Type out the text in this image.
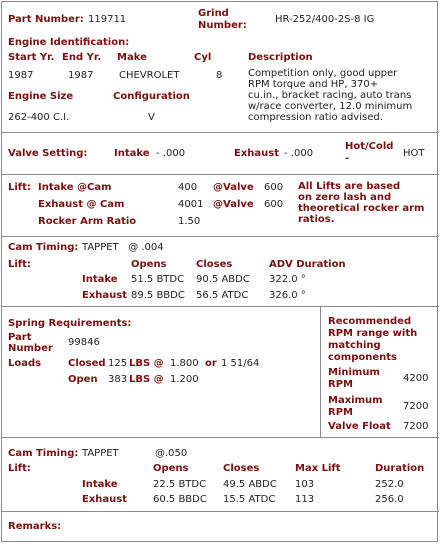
Part Number: 119711
Grind
Number:
HR-252/400-2S-8 IG
Engine Identification:
Start Yr. End Yr. Make	Cyl	Description
1987	1987	CHEVROLET	8	Competition only, good upper
RPM torque and HP, 370+
cu.in., bracket racing, auto trans
w/race converter, 12.0 minimum
compression ratio advised.
Engine Size	Configuration
262-400 C.I.	V
Valve Setting:	Intake - .000	Exhaust - .000
Hot/Cold
-	HOT
Lift: Intake @Cam	400 @Valve 600
Exhaust @ Cam	4001 @Valve 600
Rocker Arm Ratio	1.50
All Lifts are based
on zero lash and
theoretical rocker arm
ratios.
Cam Timing: TAPPET   @ .004
Lift:	Opens	Closes	ADV Duration
Intake 51.5 BTDC 90.5 ABDC 322.0 °
Exhaust 89.5 BBDC 56.5 ATDC 326.0 °
Spring Requirements:
Part
Number
99846
Loads	Closed 125 LBS @ 1.800 or 1 51/64
Open 383 LBS @ 1.200
Recommended
RPM range with
matching
components
Minimum
RPM
4200
Maximum
RPM
7200
Valve Float 7200
Cam Timing: TAPPET	@.050
Lift:	Opens	Closes	Max Lift	Duration
Intake	22.5 BTDC 49.5 ABDC 103	252.0
Exhaust	60.5 BBDC 15.5 ATDC 113	256.0
Remarks:
